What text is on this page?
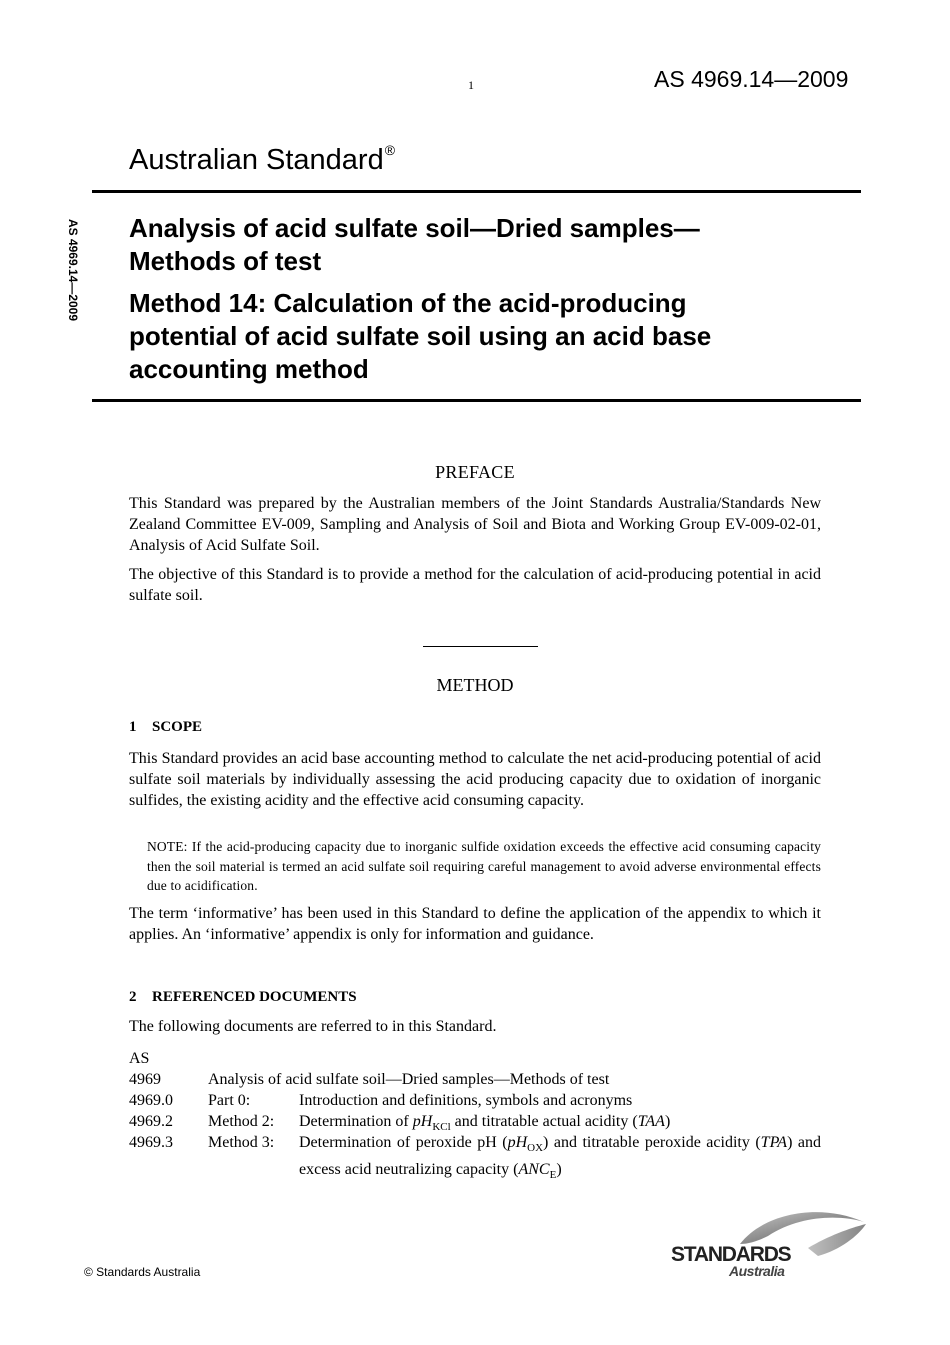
1	AS 4969.14—2009
AS 4969.14—2009
Australian Standard®
Analysis of acid sulfate soil—Dried samples—
Methods of test
Method 14: Calculation of the acid-producing
potential of acid sulfate soil using an acid base
accounting method
PREFACE
This Standard was prepared by the Australian members of the Joint Standards Australia/Standards New Zealand Committee EV-009, Sampling and Analysis of Soil and Biota and Working Group EV-009-02-01, Analysis of Acid Sulfate Soil.
The objective of this Standard is to provide a method for the calculation of acid-producing potential in acid sulfate soil.
METHOD
1 SCOPE
This Standard provides an acid base accounting method to calculate the net acid-producing potential of acid sulfate soil materials by individually assessing the acid producing capacity due to oxidation of inorganic sulfides, the existing acidity and the effective acid consuming capacity.
NOTE: If the acid-producing capacity due to inorganic sulfide oxidation exceeds the effective acid consuming capacity then the soil material is termed an acid sulfate soil requiring careful management to avoid adverse environmental effects due to acidification.
The term ‘informative’ has been used in this Standard to define the application of the appendix to which it applies. An ‘informative’ appendix is only for information and guidance.
2 REFERENCED DOCUMENTS
The following documents are referred to in this Standard.
AS
4969	Analysis of acid sulfate soil—Dried samples—Methods of test
4969.0 Part 0:	Introduction and definitions, symbols and acronyms
4969.2 Method 2: Determination of $pH_{KCl}$ and titratable actual acidity (TAA)
4969.3 Method 3: Determination of peroxide pH $(pH_{OX})$ and titratable peroxide acidity (TPA) and excess acid neutralizing capacity $(ANC_E)$
© Standards Australia
STANDARDS
Australia
